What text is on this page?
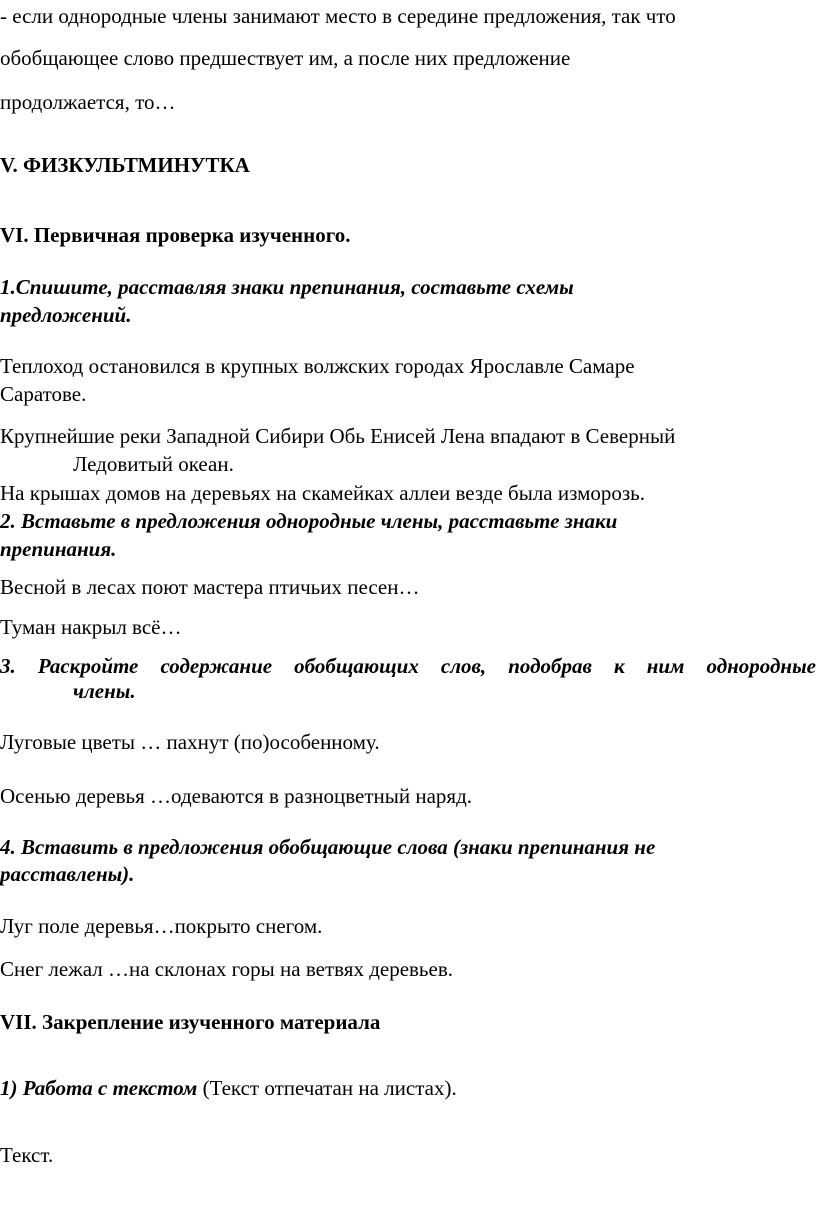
- если однородные члены занимают место в середине предложения, так что
обобщающее слово предшествует им, а после них предложение
продолжается, то…
V. ФИЗКУЛЬТМИНУТКА
VI. Первичная проверка изученного.
1.Спишите, расставляя знаки препинания, составьте схемы
предложений.
Теплоход остановился в крупных волжских городах Ярославле Самаре
Саратове.
Крупнейшие реки Западной Сибири Обь Енисей Лена впадают в Северный
Ледовитый океан.
На крышах домов на деревьях на скамейках аллеи везде была изморозь.
2. Вставьте в предложения однородные члены, расставьте знаки
препинания.
Весной в лесах поют мастера птичьих песен…
Туман накрыл всё…
3. Раскройте содержание обобщающих слов, подобрав к ним однородные
члены.
Луговые цветы … пахнут (по)особенному.
Осенью деревья …одеваются в разноцветный наряд.
4. Вставить в предложения обобщающие слова (знаки препинания не
расставлены).
Луг поле деревья…покрыто снегом.
Снег лежал …на склонах горы на ветвях деревьев.
VII. Закрепление изученного материала
1) Работа с текстом (Текст отпечатан на листах).
Текст.
